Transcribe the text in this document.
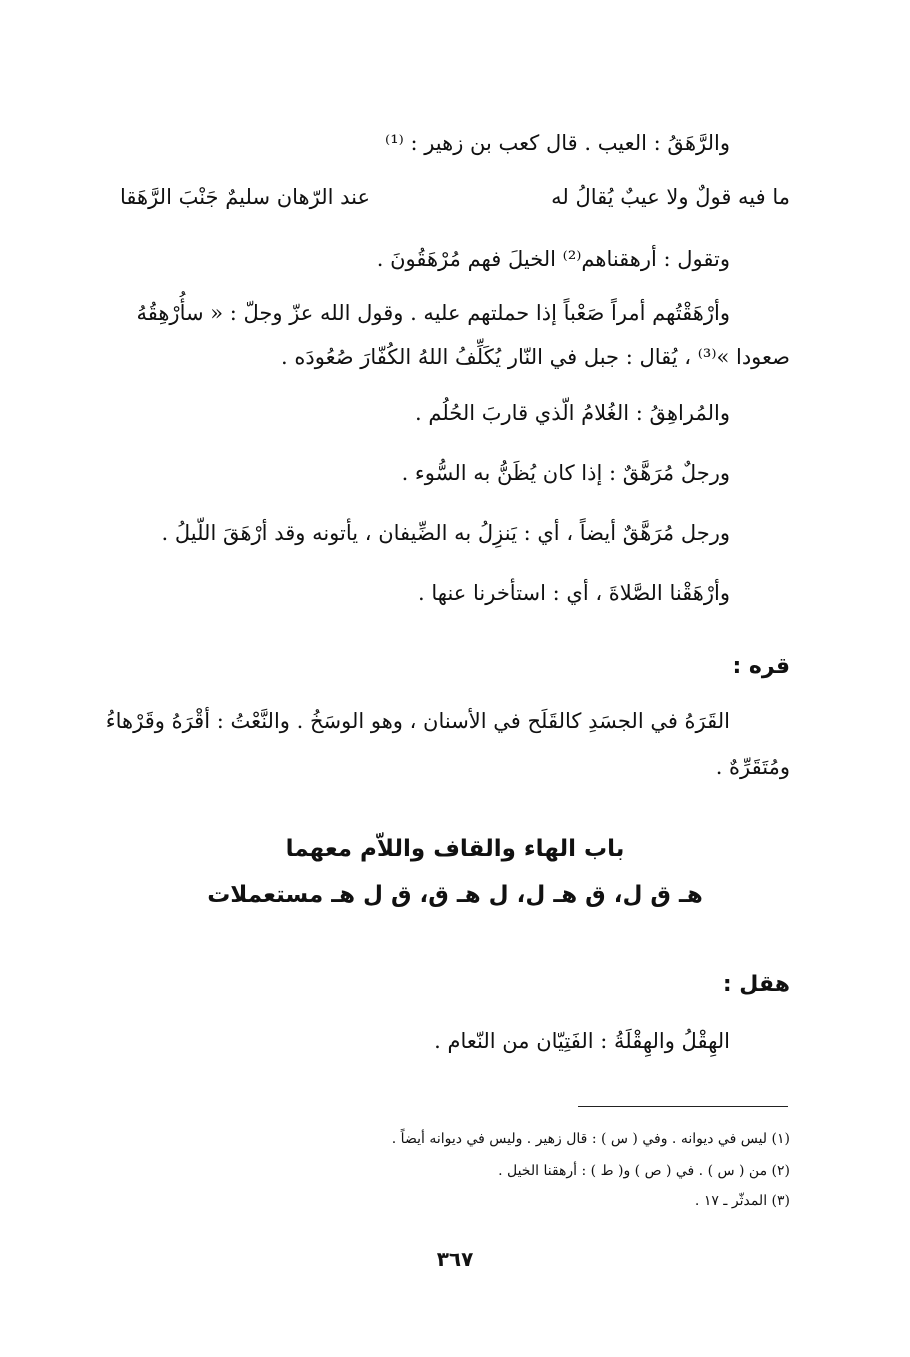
والرَّهَقُ : العيب . قال كعب بن زهير : ⁽¹⁾
ما فيه قولٌ ولا عيبٌ يُقالُ له
عند الرّهان سليمٌ جَنْبَ الرَّهَقا
وتقول : أرهقناهم⁽²⁾ الخيلَ فهم مُرْهَقُونَ .
وأرْهَقْتُهم أمراً صَعْباً إذا حملتهم عليه . وقول الله عزّ وجلّ : « سأُرْهِقُهُ
صعودا »⁽³⁾ ، يُقال : جبل في النّار يُكَلِّفُ اللهُ الكُفّارَ صُعُودَه .
والمُراهِقُ : الغُلامُ الّذي قاربَ الحُلُم .
ورجلٌ مُرَهَّقٌ : إذا كان يُظَنُّ به السُّوء .
ورجل مُرَهَّقٌ أيضاً ، أي : يَنزِلُ به الضِّيفان ، يأتونه وقد أرْهَقَ اللّيلُ .
وأرْهَقْنا الصَّلاةَ ، أي : استأخرنا عنها .
قره :
القَرَهُ في الجسَدِ كالقَلَح في الأسنان ، وهو الوسَخُ . والنَّعْتُ : أقْرَهُ وقَرْهاءُ
ومُتَقَرِّهٌ .
باب الهاء والقاف واللاّم معهما
هـ ق ل، ق هـ ل، ل هـ ق، ق ل هـ مستعملات
هقل :
الهِقْلُ والهِقْلَةُ : الفَتِيّان من النّعام .
(١) ليس في ديوانه . وفي ( س ) : قال زهير . وليس في ديوانه أيضاً .
(٢) من ( س ) . في ( ص ) و( ط ) : أرهقنا الخيل .
(٣) المدثّر ـ ١٧ .
٣٦٧
